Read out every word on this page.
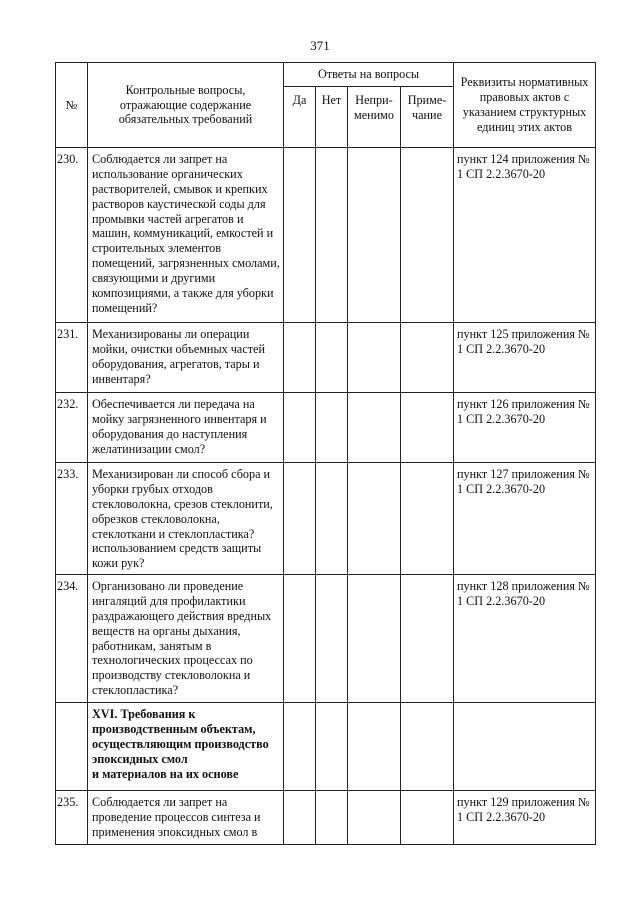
371
№	Контрольные вопросы, отражающие содержание обязательных требований	Ответы на вопросы				Реквизиты нормативных правовых актов с указанием структурных единиц этих актов
		Да	Нет	Непри-менимо	Приме-чание	
230.	Соблюдается ли запрет на использование органических растворителей, смывок и крепких растворов каустической соды для промывки частей агрегатов и машин, коммуникаций, емкостей и строительных элементов помещений, загрязненных смолами, связующими и другими композициями, а также для уборки помещений?					пункт 124 приложения № 1 СП 2.2.3670-20
231.	Механизированы ли операции мойки, очистки объемных частей оборудования, агрегатов, тары и инвентаря?					пункт 125 приложения № 1 СП 2.2.3670-20
232.	Обеспечивается ли передача на мойку загрязненного инвентаря и оборудования до наступления желатинизации смол?					пункт 126 приложения № 1 СП 2.2.3670-20
233.	Механизирован ли способ сбора и уборки грубых отходов стекловолокна, срезов стеклонити, обрезков стекловолокна, стеклоткани и стеклопластика? использованием средств защиты кожи рук?					пункт 127 приложения № 1 СП 2.2.3670-20
234.	Организовано ли проведение ингаляций для профилактики раздражающего действия вредных веществ на органы дыхания, работникам, занятым в технологических процессах по производству стекловолокна и стеклопластика?					пункт 128 приложения № 1 СП 2.2.3670-20
	XVI. Требования к производственным объектам, осуществляющим производство эпоксидных смол
и материалов на их основе					
235.	Соблюдается ли запрет на проведение процессов синтеза и применения эпоксидных смол в					пункт 129 приложения № 1 СП 2.2.3670-20
